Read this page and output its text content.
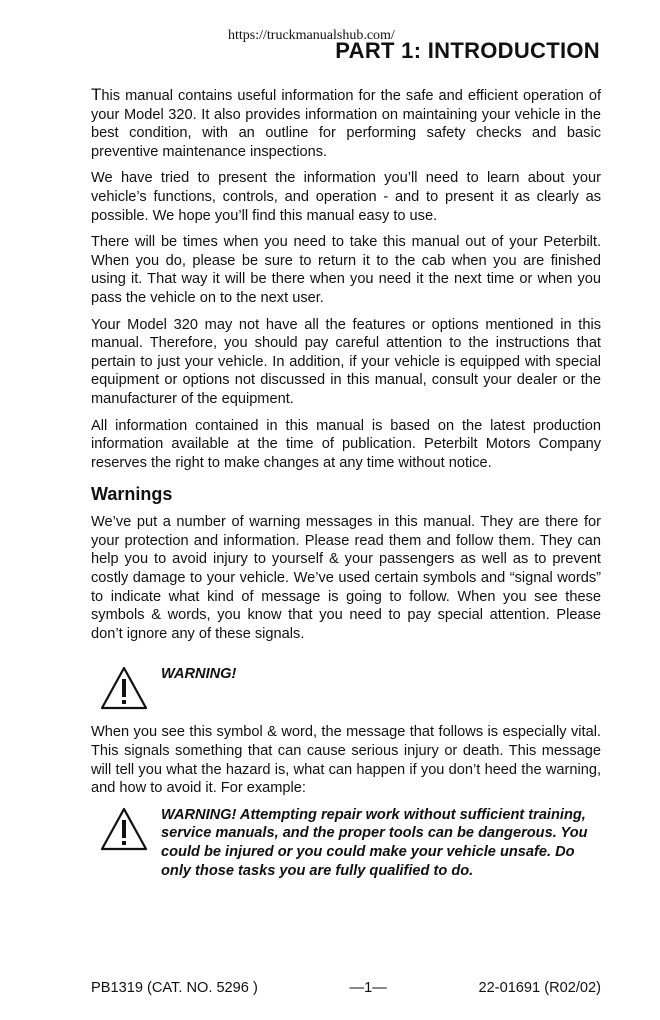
https://truckmanualshub.com/
PART 1: INTRODUCTION

This manual contains useful information for the safe and efficient operation of your Model 320. It also provides information on maintaining your vehicle in the best condition, with an outline for performing safety checks and basic preventive maintenance inspections.

We have tried to present the information you’ll need to learn about your vehicle’s functions, controls, and operation - and to present it as clearly as possible. We hope you’ll find this manual easy to use.

There will be times when you need to take this manual out of your Peterbilt. When you do, please be sure to return it to the cab when you are finished using it. That way it will be there when you need it the next time or when you pass the vehicle on to the next user.

Your Model 320 may not have all the features or options mentioned in this manual. Therefore, you should pay careful attention to the instructions that pertain to just your vehicle. In addition, if your vehicle is equipped with special equipment or options not discussed in this manual, consult your dealer or the manufacturer of the equipment.

All information contained in this manual is based on the latest production information available at the time of publication. Peterbilt Motors Company reserves the right to make changes at any time without notice.

Warnings

We’ve put a number of warning messages in this manual. They are there for your protection and information. Please read them and follow them. They can help you to avoid injury to yourself & your passengers as well as to prevent costly damage to your vehicle. We’ve used certain symbols and “signal words” to indicate what kind of message is going to follow. When you see these symbols & words, you know that you need to pay special attention. Please don’t ignore any of these signals.

WARNING!

When you see this symbol & word, the message that follows is especially vital. This signals something that can cause serious injury or death. This message will tell you what the hazard is, what can happen if you don’t heed the warning, and how to avoid it. For example:

WARNING! Attempting repair work without sufficient training, service manuals, and the proper tools can be dangerous. You could be injured or you could make your vehicle unsafe. Do only those tasks you are fully qualified to do.
PB1319 (CAT. NO. 5296 )	—1—	22-01691 (R02/02)
